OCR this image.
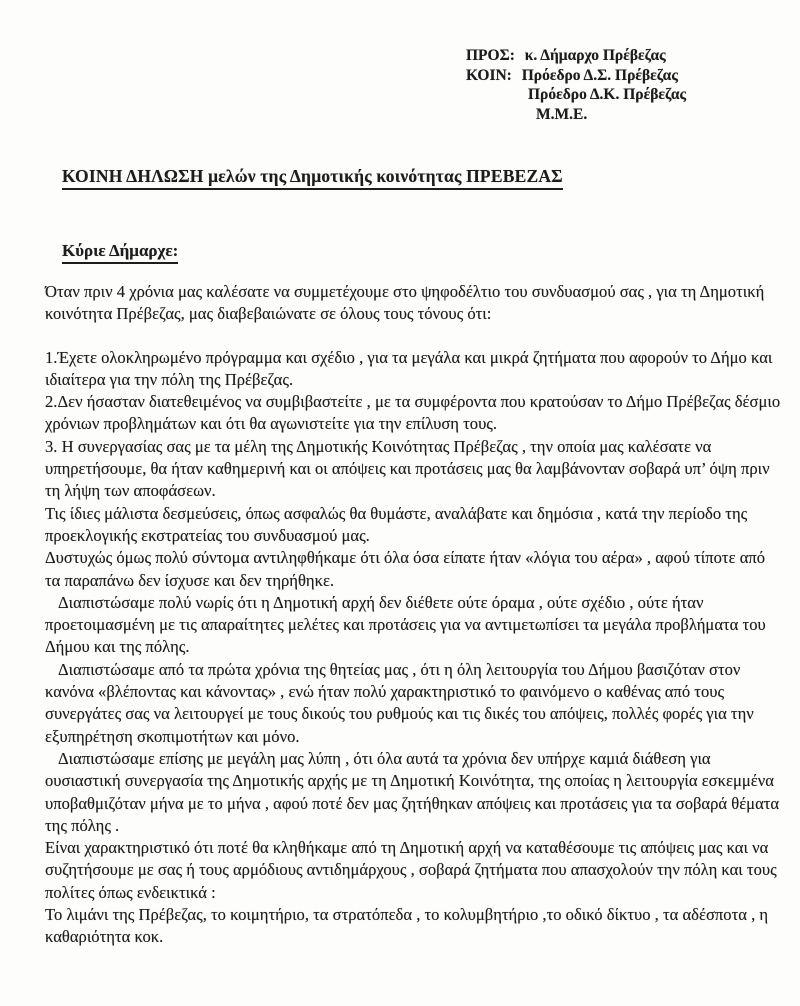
ΠΡΟΣ: κ. Δήμαρχο Πρέβεζας
ΚΟΙΝ: Πρόεδρο Δ.Σ. Πρέβεζας
Πρόεδρο Δ.Κ. Πρέβεζας
Μ.Μ.Ε.
ΚΟΙΝΗ ΔΗΛΩΣΗ μελών της Δημοτικής κοινότητας ΠΡΕΒΕΖΑΣ
Κύριε Δήμαρχε:

Όταν πριν 4 χρόνια μας καλέσατε να συμμετέχουμε στο ψηφοδέλτιο του συνδυασμού σας , για τη Δημοτική κοινότητα Πρέβεζας, μας διαβεβαιώνατε σε όλους τους τόνους ότι:

1.Έχετε ολοκληρωμένο πρόγραμμα και σχέδιο , για τα μεγάλα και μικρά ζητήματα που αφορούν το Δήμο και ιδιαίτερα για την πόλη της Πρέβεζας.

2.Δεν ήσασταν διατεθειμένος να συμβιβαστείτε , με τα συμφέροντα που κρατούσαν το Δήμο Πρέβεζας δέσμιο χρόνιων προβλημάτων και ότι θα αγωνιστείτε για την επίλυση τους.

3. Η συνεργασίας σας με τα μέλη της Δημοτικής Κοινότητας Πρέβεζας , την οποία μας καλέσατε να υπηρετήσουμε, θα ήταν καθημερινή και οι απόψεις και προτάσεις μας θα λαμβάνονταν σοβαρά υπ’ όψη πριν τη λήψη των αποφάσεων.

Τις ίδιες μάλιστα δεσμεύσεις, όπως ασφαλώς θα θυμάστε, αναλάβατε και δημόσια , κατά την περίοδο της προεκλογικής εκστρατείας του συνδυασμού μας.

Δυστυχώς όμως πολύ σύντομα αντιληφθήκαμε ότι όλα όσα είπατε ήταν «λόγια του αέρα» , αφού τίποτε από τα παραπάνω δεν ίσχυσε και δεν τηρήθηκε.

Διαπιστώσαμε πολύ νωρίς ότι η Δημοτική αρχή δεν διέθετε ούτε όραμα , ούτε σχέδιο , ούτε ήταν προετοιμασμένη με τις απαραίτητες μελέτες και προτάσεις για να αντιμετωπίσει τα μεγάλα προβλήματα του Δήμου και της πόλης.

Διαπιστώσαμε από τα πρώτα χρόνια της θητείας μας , ότι η όλη λειτουργία του Δήμου βασιζόταν στον κανόνα «βλέποντας και κάνοντας» , ενώ ήταν πολύ χαρακτηριστικό το φαινόμενο ο καθένας από τους συνεργάτες σας να λειτουργεί με τους δικούς του ρυθμούς και τις δικές του απόψεις, πολλές φορές για την εξυπηρέτηση σκοπιμοτήτων και μόνο.

Διαπιστώσαμε επίσης με μεγάλη μας λύπη , ότι όλα αυτά τα χρόνια δεν υπήρχε καμιά διάθεση για ουσιαστική συνεργασία της Δημοτικής αρχής με τη Δημοτική Κοινότητα, της οποίας η λειτουργία εσκεμμένα υποβαθμιζόταν μήνα με το μήνα , αφού ποτέ δεν μας ζητήθηκαν απόψεις και προτάσεις για τα σοβαρά θέματα της πόλης .

Είναι χαρακτηριστικό ότι ποτέ θα κληθήκαμε από τη Δημοτική αρχή να καταθέσουμε τις απόψεις μας και να συζητήσουμε με σας ή τους αρμόδιους αντιδημάρχους , σοβαρά ζητήματα που απασχολούν την πόλη και τους πολίτες όπως ενδεικτικά :

Το λιμάνι της Πρέβεζας, το κοιμητήριο, τα στρατόπεδα , το κολυμβητήριο ,το οδικό δίκτυο , τα αδέσποτα , η καθαριότητα κοκ.
